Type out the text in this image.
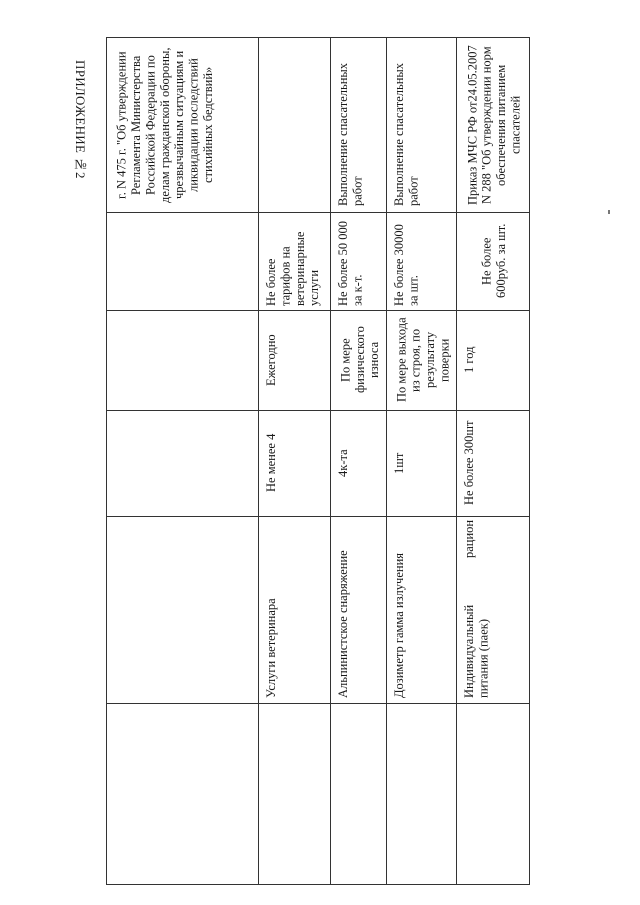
ПРИЛОЖЕНИЕ №2	г. N 475 г. "Об утверждении Регламента Министерства Российской Федерации по делам гражданской обороны, чрезвычайным ситуациям и ликвидации последствий стихийных бедствий»
Услуги ветеринара
Не менее 4
Ежегодно
Не более тарифов на ветеринарные услуги
Альпинистское снаряжение
4к-та
По мере физического износа
Не более 50 000 за к-т.
Выполнение спасательных работ
Дозиметр гамма излучения
1шт
По мере выхода из строя, по результату поверки
Не более 30000 за шт.
Выполнение спасательных работ
Индивидуальный
рацион
питания (паек)
Не более 300шт
1 год
Не более 600руб. за шт.
Приказ МЧС РФ от24.05.2007 N 288 "Об утверждении норм обеспечения питанием спасателей
